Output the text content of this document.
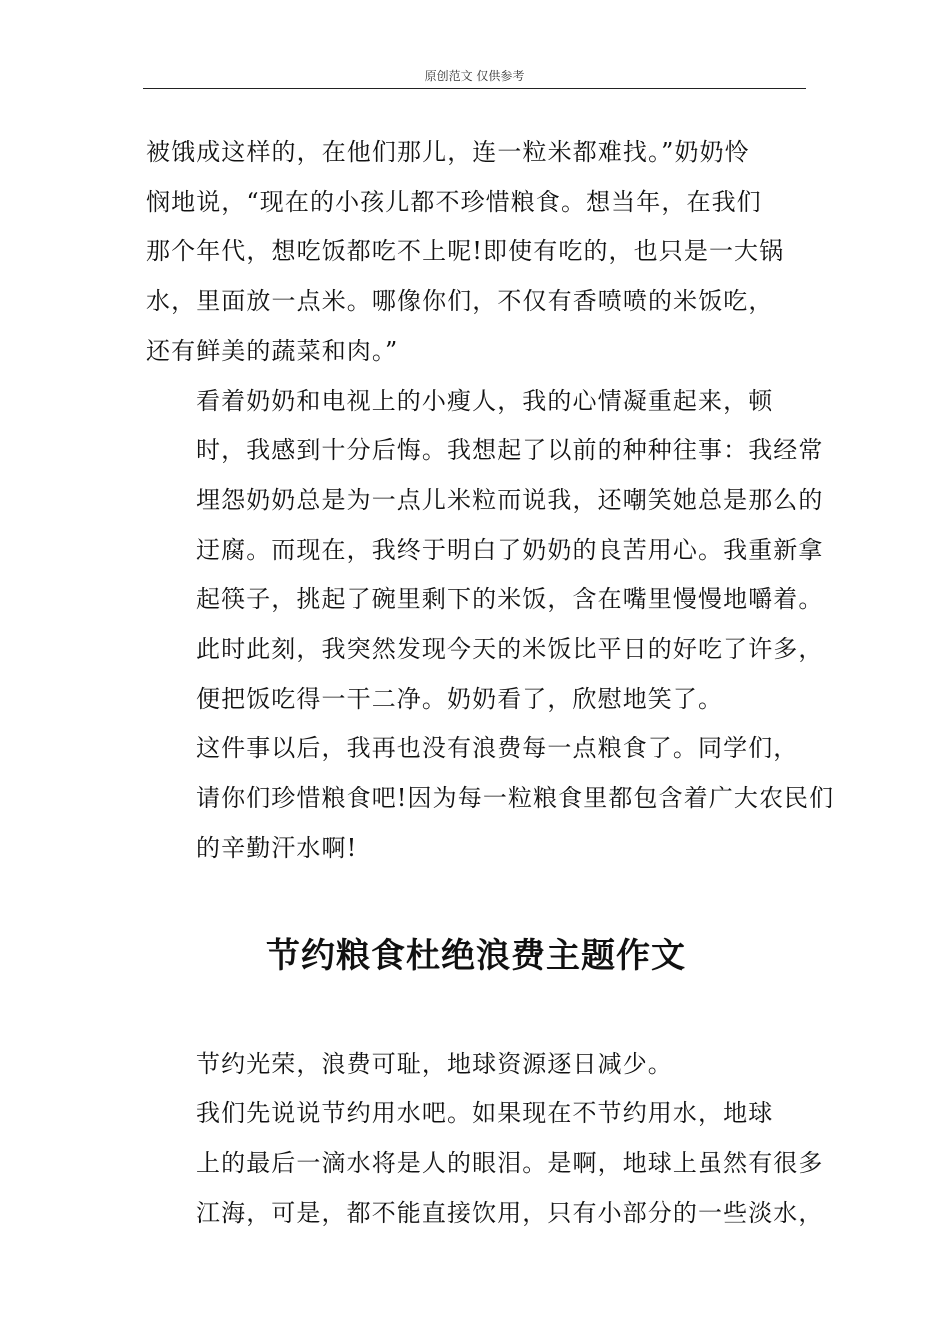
原创范文 仅供参考

被饿成这样的，在他们那儿，连一粒米都难找。”奶奶怜
悯地说，“现在的小孩儿都不珍惜粮食。想当年，在我们
那个年代，想吃饭都吃不上呢!即使有吃的，也只是一大锅
水，里面放一点米。哪像你们，不仅有香喷喷的米饭吃，
还有鲜美的蔬菜和肉。”

看着奶奶和电视上的小瘦人，我的心情凝重起来，顿
时，我感到十分后悔。我想起了以前的种种往事：我经常
埋怨奶奶总是为一点儿米粒而说我，还嘲笑她总是那么的
迂腐。而现在，我终于明白了奶奶的良苦用心。我重新拿
起筷子，挑起了碗里剩下的米饭，含在嘴里慢慢地嚼着。
此时此刻，我突然发现今天的米饭比平日的好吃了许多，
便把饭吃得一干二净。奶奶看了，欣慰地笑了。

这件事以后，我再也没有浪费每一点粮食了。同学们，
请你们珍惜粮食吧!因为每一粒粮食里都包含着广大农民们
的辛勤汗水啊!

节约粮食杜绝浪费主题作文

节约光荣，浪费可耻，地球资源逐日减少。

我们先说说节约用水吧。如果现在不节约用水，地球
上的最后一滴水将是人的眼泪。是啊，地球上虽然有很多
江海，可是，都不能直接饮用，只有小部分的一些淡水，
